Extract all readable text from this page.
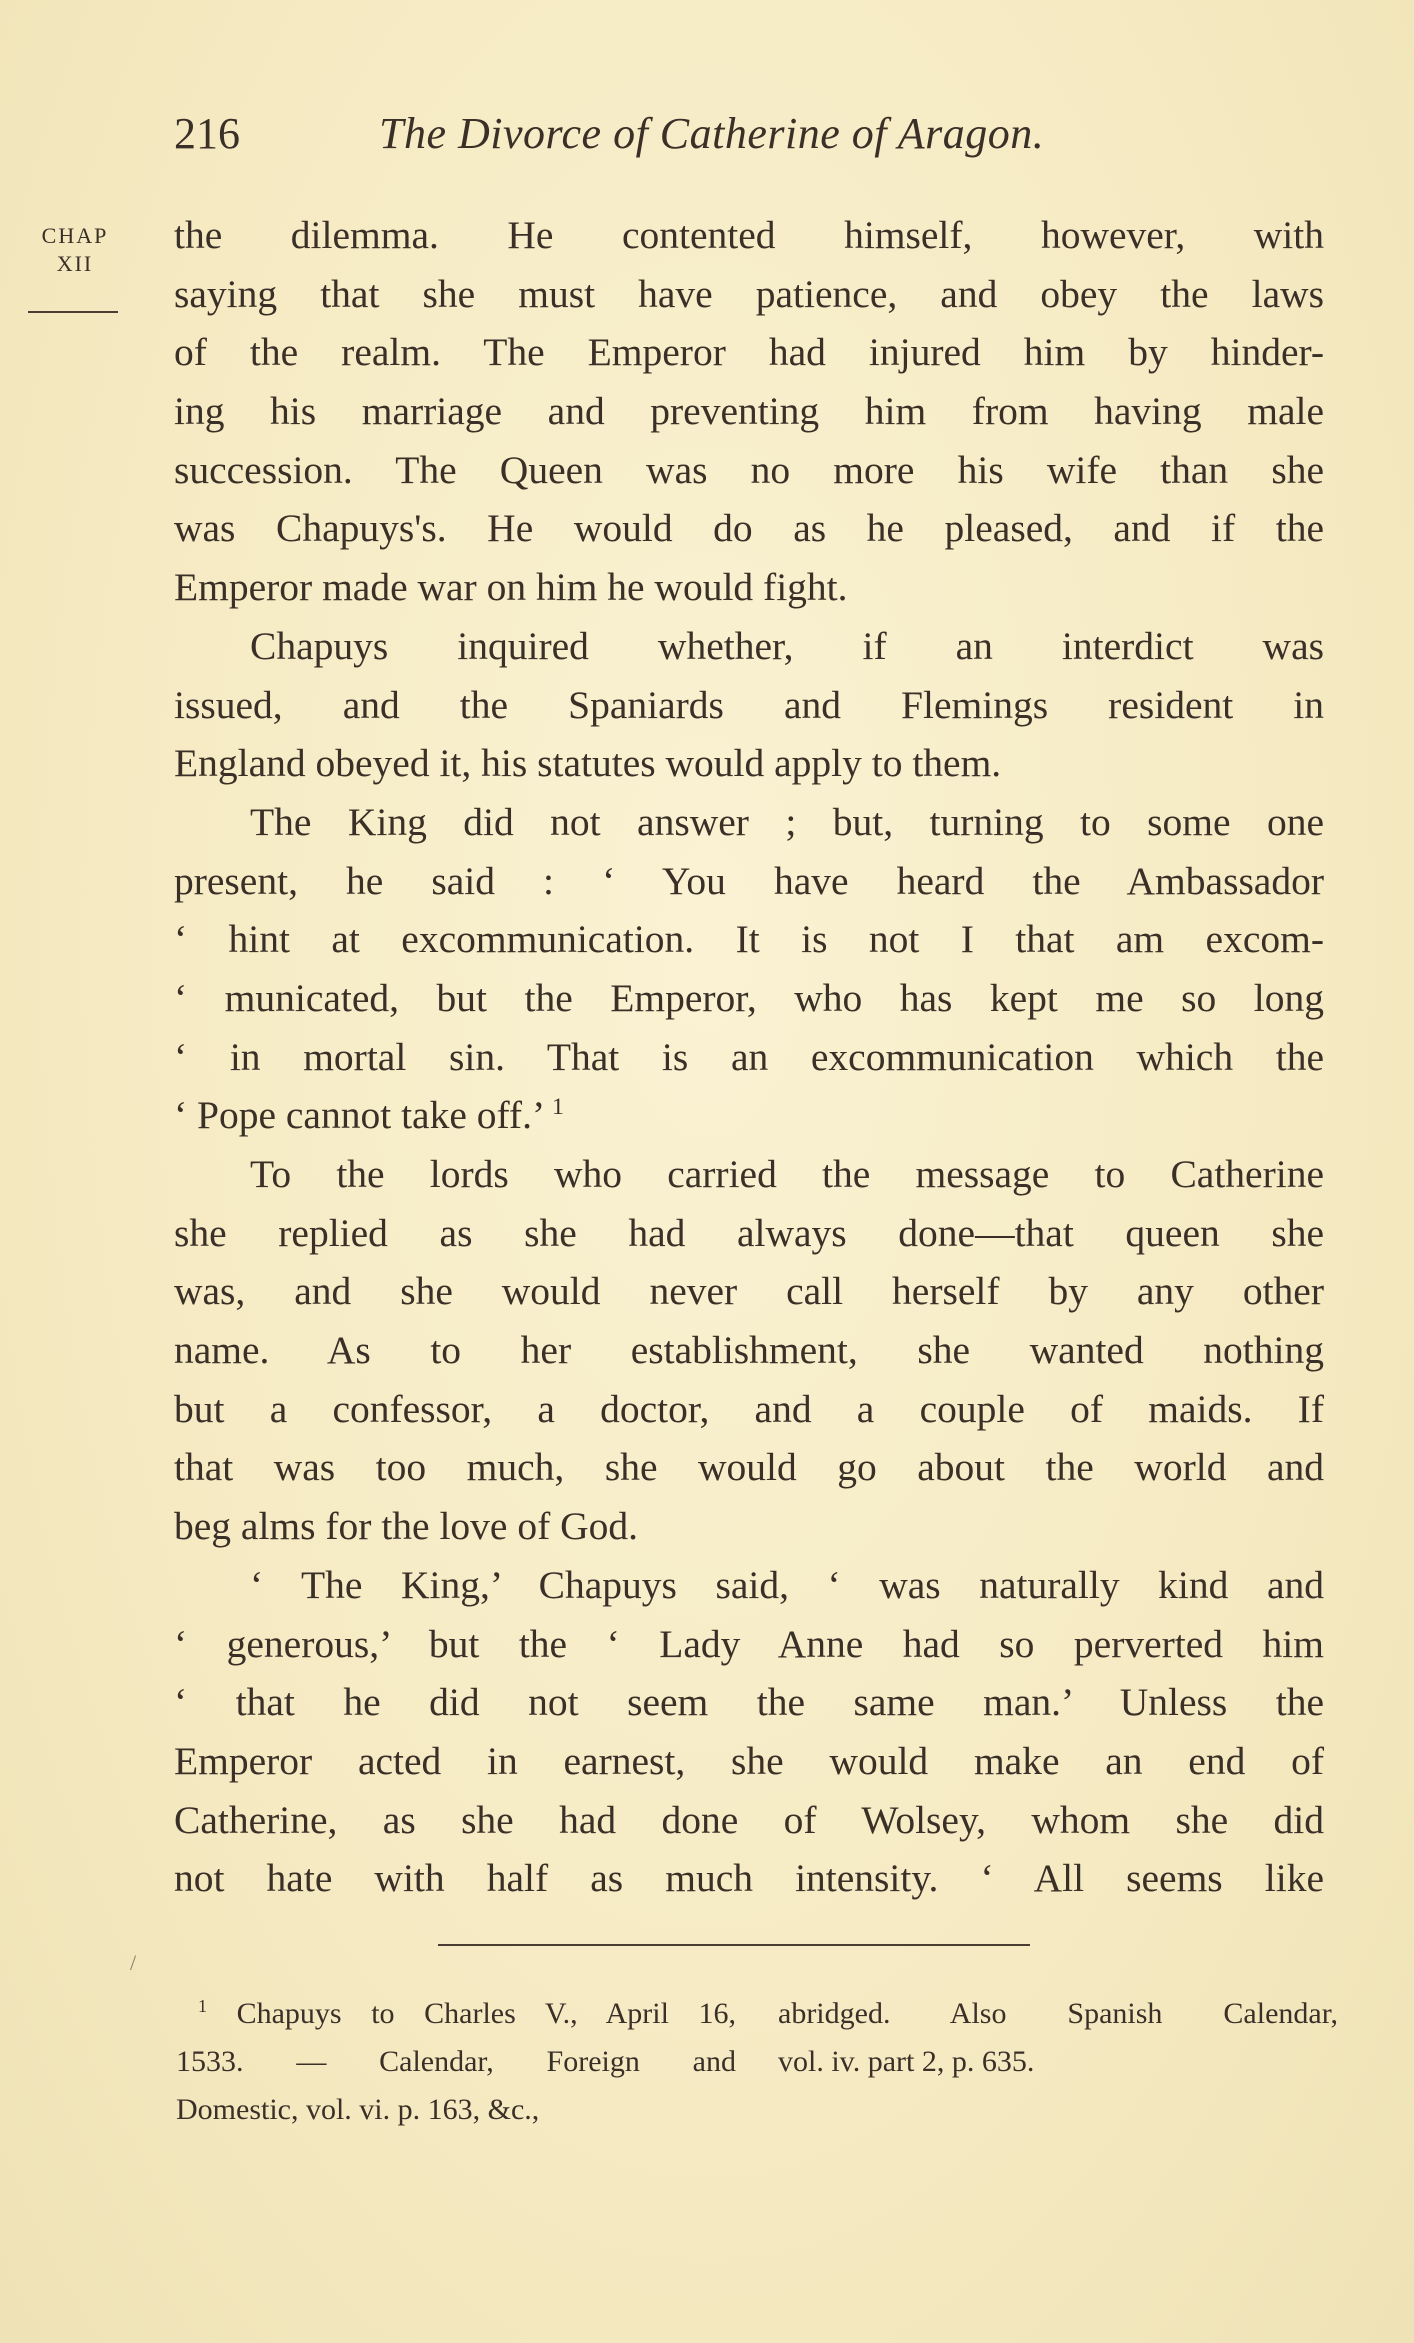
216	The Divorce of Catherine of Aragon.
CHAP
XII
the dilemma. He contented himself, however, with
saying that she must have patience, and obey the laws
of the realm. The Emperor had injured him by hinder-
ing his marriage and preventing him from having male
succession. The Queen was no more his wife than she
was Chapuys's. He would do as he pleased, and if the
Emperor made war on him he would fight.
Chapuys inquired whether, if an interdict was
issued, and the Spaniards and Flemings resident in
England obeyed it, his statutes would apply to them.
The King did not answer ; but, turning to some one
present, he said : ‘ You have heard the Ambassador
‘ hint at excommunication. It is not I that am excom-
‘ municated, but the Emperor, who has kept me so long
‘ in mortal sin. That is an excommunication which the
‘ Pope cannot take off.’ $^1$
To the lords who carried the message to Catherine
she replied as she had always done—that queen she
was, and she would never call herself by any other
name. As to her establishment, she wanted nothing
but a confessor, a doctor, and a couple of maids. If
that was too much, she would go about the world and
beg alms for the love of God.
‘ The King,’ Chapuys said, ‘ was naturally kind and
‘ generous,’ but the ‘ Lady Anne had so perverted him
‘ that he did not seem the same man.’ Unless the
Emperor acted in earnest, she would make an end of
Catherine, as she had done of Wolsey, whom she did
not hate with half as much intensity. ‘ All seems like
/
$^1$ Chapuys to Charles V., April 16,
1533. — Calendar, Foreign and
Domestic, vol. vi. p. 163, &c.,
abridged. Also Spanish Calendar,
vol. iv. part 2, p. 635.
